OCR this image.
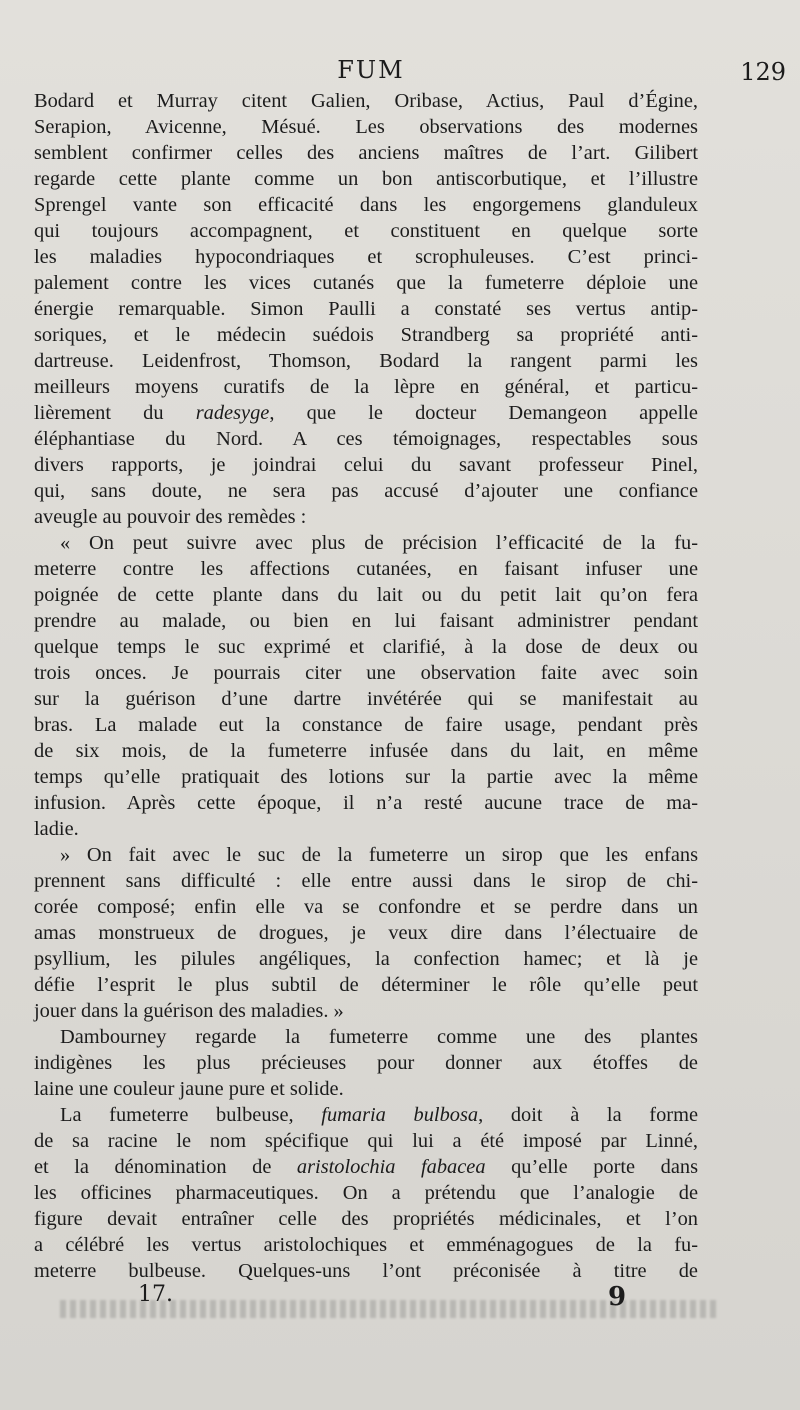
FUM	129
Bodard et Murray citent Galien, Oribase, Actius, Paul d’Égine,
Serapion, Avicenne, Mésué. Les observations des modernes
semblent confirmer celles des anciens maîtres de l’art. Gilibert
regarde cette plante comme un bon antiscorbutique, et l’illustre
Sprengel vante son efficacité dans les engorgemens glanduleux
qui toujours accompagnent, et constituent en quelque sorte
les maladies hypocondriaques et scrophuleuses. C’est princi-
palement contre les vices cutanés que la fumeterre déploie une
énergie remarquable. Simon Paulli a constaté ses vertus antip-
soriques, et le médecin suédois Strandberg sa propriété anti-
dartreuse. Leidenfrost, Thomson, Bodard la rangent parmi les
meilleurs moyens curatifs de la lèpre en général, et particu-
lièrement du radesyge, que le docteur Demangeon appelle
éléphantiase du Nord. A ces témoignages, respectables sous
divers rapports, je joindrai celui du savant professeur Pinel,
qui, sans doute, ne sera pas accusé d’ajouter une confiance
aveugle au pouvoir des remèdes :
« On peut suivre avec plus de précision l’efficacité de la fu-
meterre contre les affections cutanées, en faisant infuser une
poignée de cette plante dans du lait ou du petit lait qu’on fera
prendre au malade, ou bien en lui faisant administrer pendant
quelque temps le suc exprimé et clarifié, à la dose de deux ou
trois onces. Je pourrais citer une observation faite avec soin
sur la guérison d’une dartre invétérée qui se manifestait au
bras. La malade eut la constance de faire usage, pendant près
de six mois, de la fumeterre infusée dans du lait, en même
temps qu’elle pratiquait des lotions sur la partie avec la même
infusion. Après cette époque, il n’a resté aucune trace de ma-
ladie.
» On fait avec le suc de la fumeterre un sirop que les enfans
prennent sans difficulté : elle entre aussi dans le sirop de chi-
corée composé; enfin elle va se confondre et se perdre dans un
amas monstrueux de drogues, je veux dire dans l’électuaire de
psyllium, les pilules angéliques, la confection hamec; et là je
défie l’esprit le plus subtil de déterminer le rôle qu’elle peut
jouer dans la guérison des maladies. »
Dambourney regarde la fumeterre comme une des plantes
indigènes les plus précieuses pour donner aux étoffes de
laine une couleur jaune pure et solide.
La fumeterre bulbeuse, fumaria bulbosa, doit à la forme
de sa racine le nom spécifique qui lui a été imposé par Linné,
et la dénomination de aristolochia fabacea qu’elle porte dans
les officines pharmaceutiques. On a prétendu que l’analogie de
figure devait entraîner celle des propriétés médicinales, et l’on
a célébré les vertus aristolochiques et emménagogues de la fu-
meterre bulbeuse. Quelques-uns l’ont préconisée à titre de
17.	9
